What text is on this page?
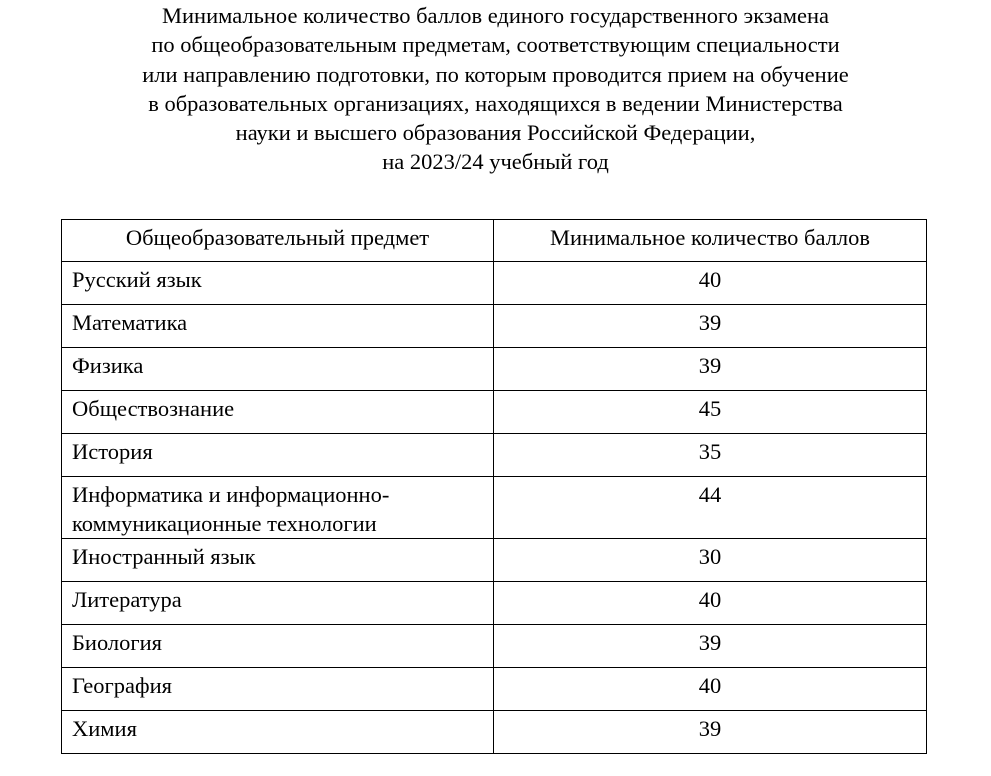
Минимальное количество баллов единого государственного экзамена
по общеобразовательным предметам, соответствующим специальности
или направлению подготовки, по которым проводится прием на обучение
в образовательных организациях, находящихся в ведении Министерства
науки и высшего образования Российской Федерации,
на 2023/24 учебный год
Общеобразовательный предмет	Минимальное количество баллов
Русский язык	40
Математика	39
Физика	39
Обществознание	45
История	35
Информатика и информационно-коммуникационные технологии	44
Иностранный язык	30
Литература	40
Биология	39
География	40
Химия	39
